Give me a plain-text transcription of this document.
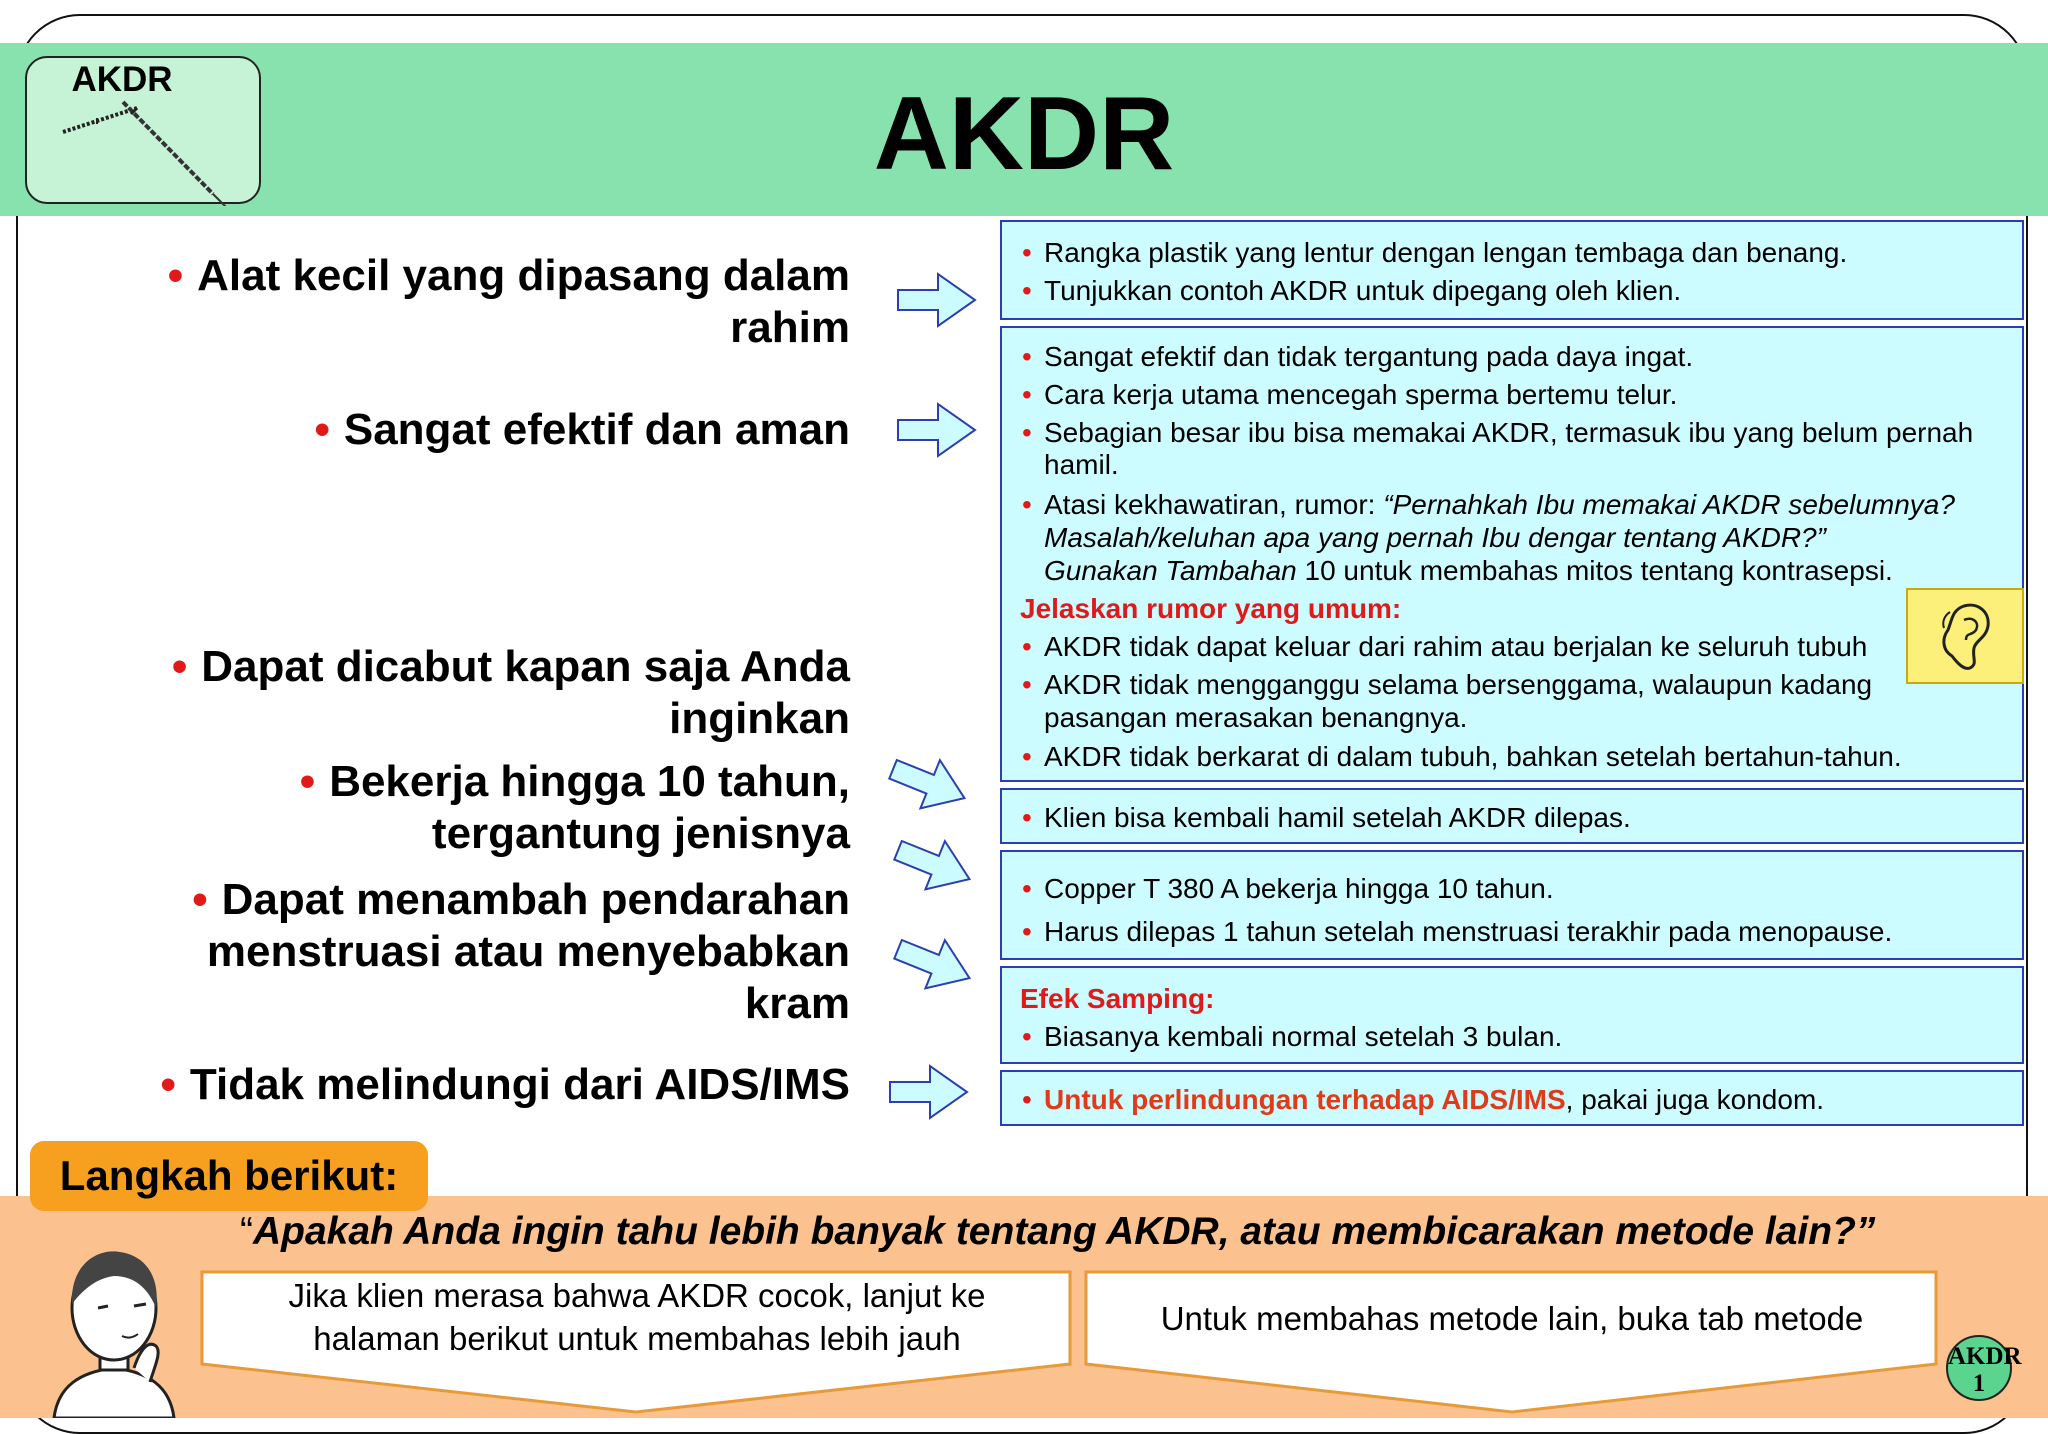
AKDR	AKDR
• Alat kecil yang dipasang dalam
rahim
• Sangat efektif dan aman
• Dapat dicabut kapan saja Anda
inginkan
• Bekerja hingga 10 tahun,
tergantung jenisnya
• Dapat menambah pendarahan
menstruasi atau menyebabkan
kram
• Tidak melindungi dari AIDS/IMS
• Rangka plastik yang lentur dengan lengan tembaga dan benang.
• Tunjukkan contoh AKDR untuk dipegang oleh klien.
• Sangat efektif dan tidak tergantung pada daya ingat.
• Cara kerja utama mencegah sperma bertemu telur.
• Sebagian besar ibu bisa memakai AKDR, termasuk ibu yang belum pernah
hamil.
• Atasi kekhawatiran, rumor: “Pernahkah Ibu memakai AKDR sebelumnya?
Masalah/keluhan apa yang pernah Ibu dengar tentang AKDR?”
Gunakan Tambahan 10 untuk membahas mitos tentang kontrasepsi.
Jelaskan rumor yang umum:
• AKDR tidak dapat keluar dari rahim atau berjalan ke seluruh tubuh
• AKDR tidak mengganggu selama bersenggama, walaupun kadang
pasangan merasakan benangnya.
• AKDR tidak berkarat di dalam tubuh, bahkan setelah bertahun-tahun.
• Klien bisa kembali hamil setelah AKDR dilepas.
• Copper T 380 A bekerja hingga 10 tahun.
• Harus dilepas 1 tahun setelah menstruasi terakhir pada menopause.
Efek Samping:
• Biasanya kembali normal setelah 3 bulan.
• Untuk perlindungan terhadap AIDS/IMS, pakai juga kondom.
Langkah berikut:
“Apakah Anda ingin tahu lebih banyak tentang AKDR, atau membicarakan metode lain?”
Jika klien merasa bahwa AKDR cocok, lanjut ke
halaman berikut untuk membahas lebih jauh
Untuk membahas metode lain, buka tab metode
AKDR
1
